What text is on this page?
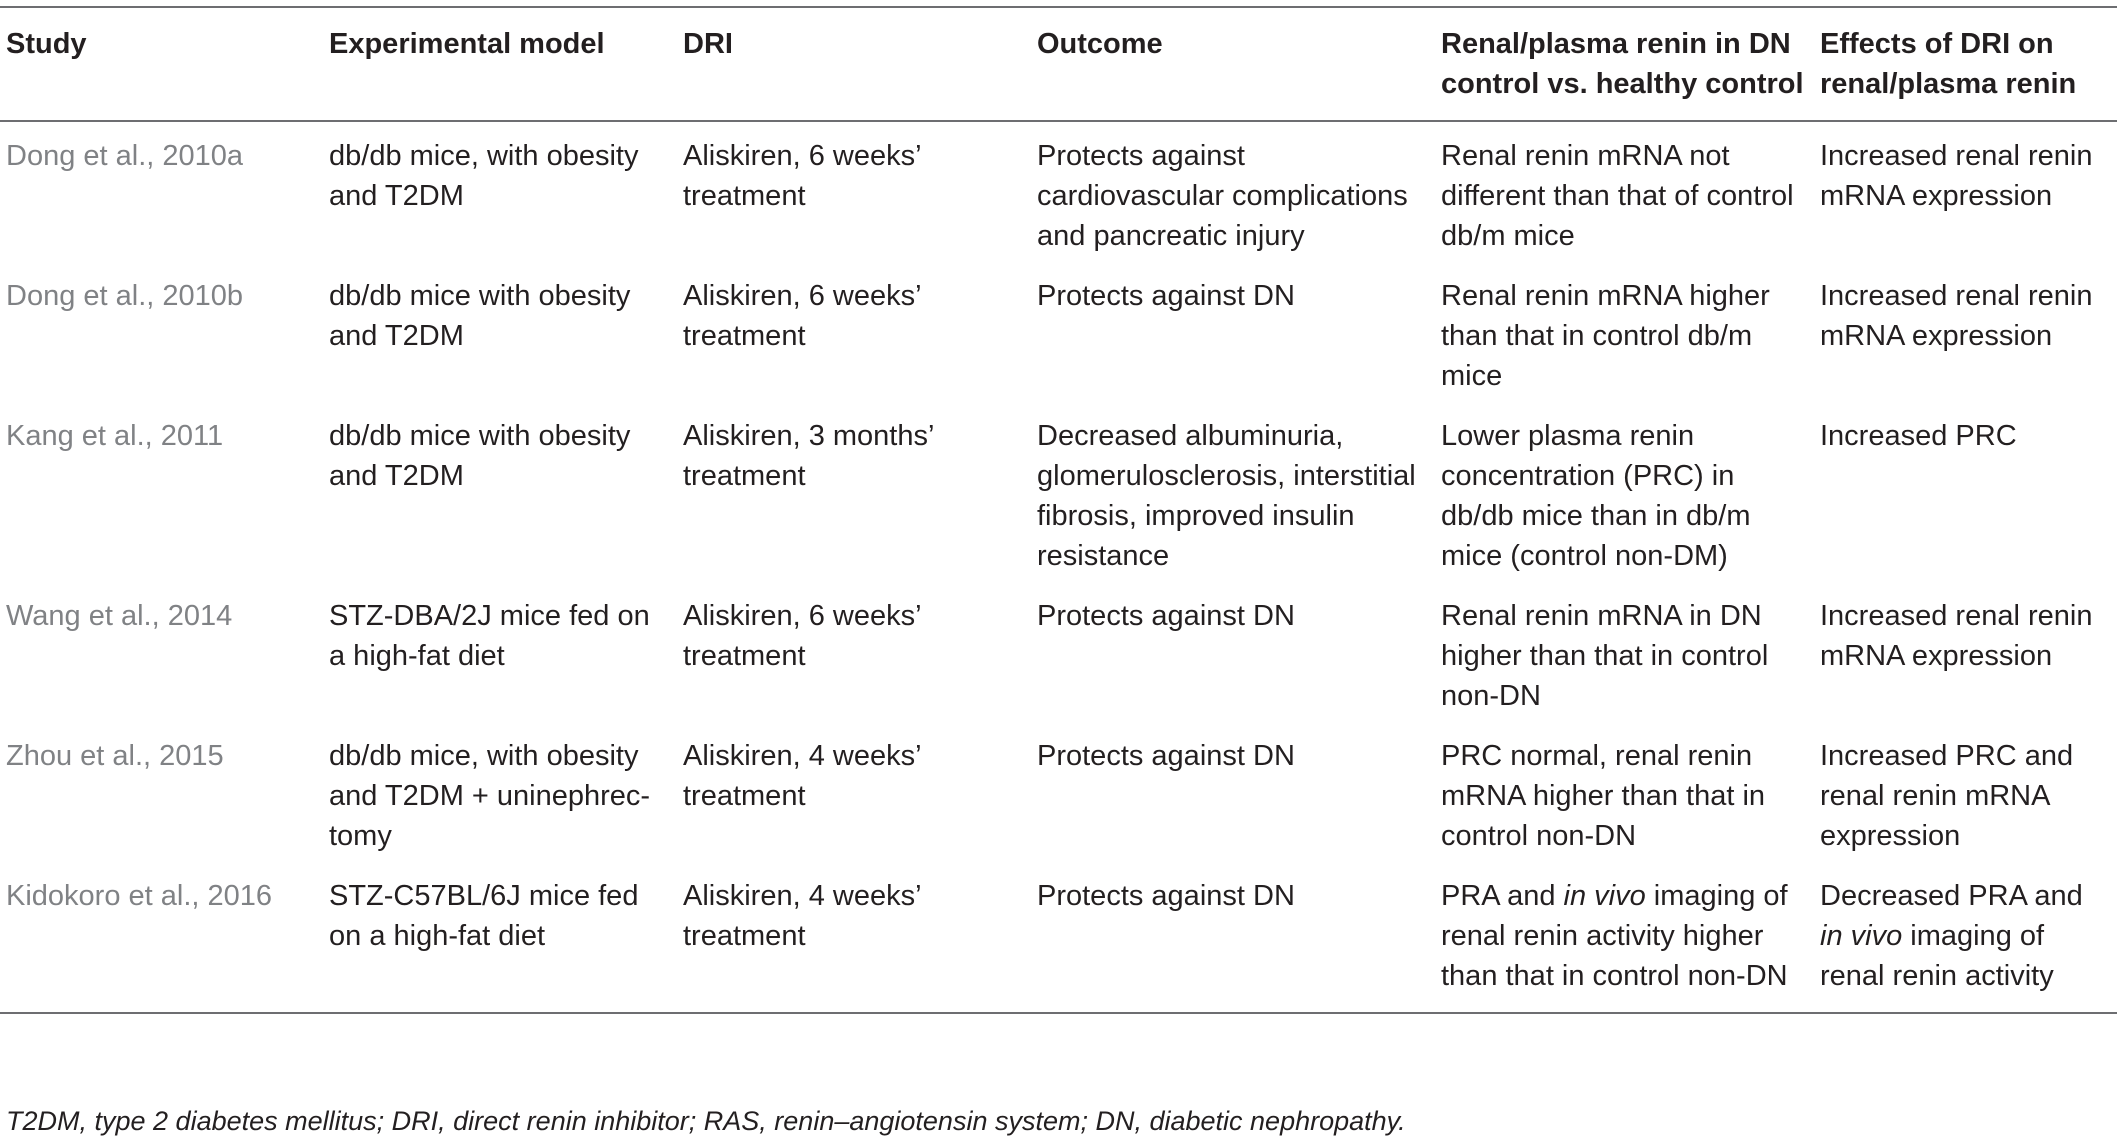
Study	Experimental model	DRI	Outcome	Renal/plasma renin in DN control vs. healthy control	Effects of DRI on renal/plasma renin
Dong et al., 2010a	db/db mice, with obesity and T2DM	Aliskiren, 6 weeks’ treatment	Protects against cardiovascular complications and pancreatic injury	Renal renin mRNA not different than that of control db/m mice	Increased renal renin mRNA expression
Dong et al., 2010b	db/db mice with obesity and T2DM	Aliskiren, 6 weeks’ treatment	Protects against DN	Renal renin mRNA higher than that in control db/m mice	Increased renal renin mRNA expression
Kang et al., 2011	db/db mice with obesity and T2DM	Aliskiren, 3 months’ treatment	Decreased albuminuria, glomerulosclerosis, interstitial fibrosis, improved insulin resistance	Lower plasma renin concentration (PRC) in db/db mice than in db/m mice (control non-DM)	Increased PRC
Wang et al., 2014	STZ-DBA/2J mice fed on a high-fat diet	Aliskiren, 6 weeks’ treatment	Protects against DN	Renal renin mRNA in DN higher than that in control non-DN	Increased renal renin mRNA expression
Zhou et al., 2015	db/db mice, with obesity and T2DM + uninephrec-tomy	Aliskiren, 4 weeks’ treatment	Protects against DN	PRC normal, renal renin mRNA higher than that in control non-DN	Increased PRC and renal renin mRNA expression
Kidokoro et al., 2016	STZ-C57BL/6J mice fed on a high-fat diet	Aliskiren, 4 weeks’ treatment	Protects against DN	PRA and in vivo imaging of renal renin activity higher than that in control non-DN	Decreased PRA and in vivo imaging of renal renin activity
T2DM, type 2 diabetes mellitus; DRI, direct renin inhibitor; RAS, renin–angiotensin system; DN, diabetic nephropathy.
